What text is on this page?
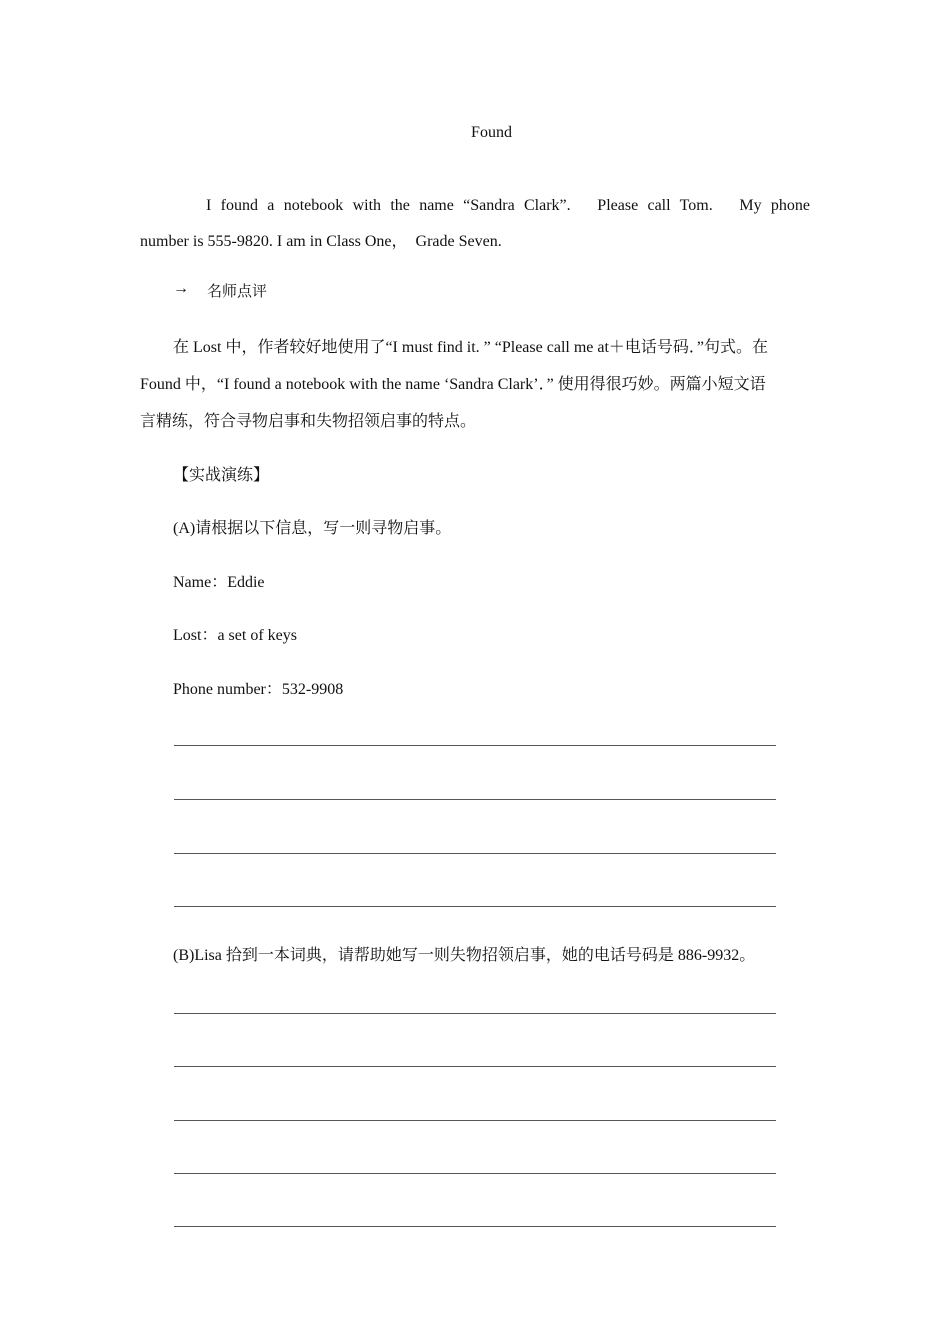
Found
I found a notebook with the name “Sandra Clark”.　Please call Tom.　My phone
number is 555-9820. I am in Class One，　Grade Seven.
→ 名师点评
在 Lost 中，作者较好地使用了“I must find it. ” “Please call me at＋电话号码．”句式。在
Found 中，“I found a notebook with the name ‘Sandra Clark’．” 使用得很巧妙。两篇小短文语
言精练，符合寻物启事和失物招领启事的特点。
【实战演练】
(A)请根据以下信息，写一则寻物启事。
Name：Eddie
Lost：a set of keys
Phone number：532-9908
(B)Lisa 拾到一本词典，请帮助她写一则失物招领启事，她的电话号码是 886-9932。
